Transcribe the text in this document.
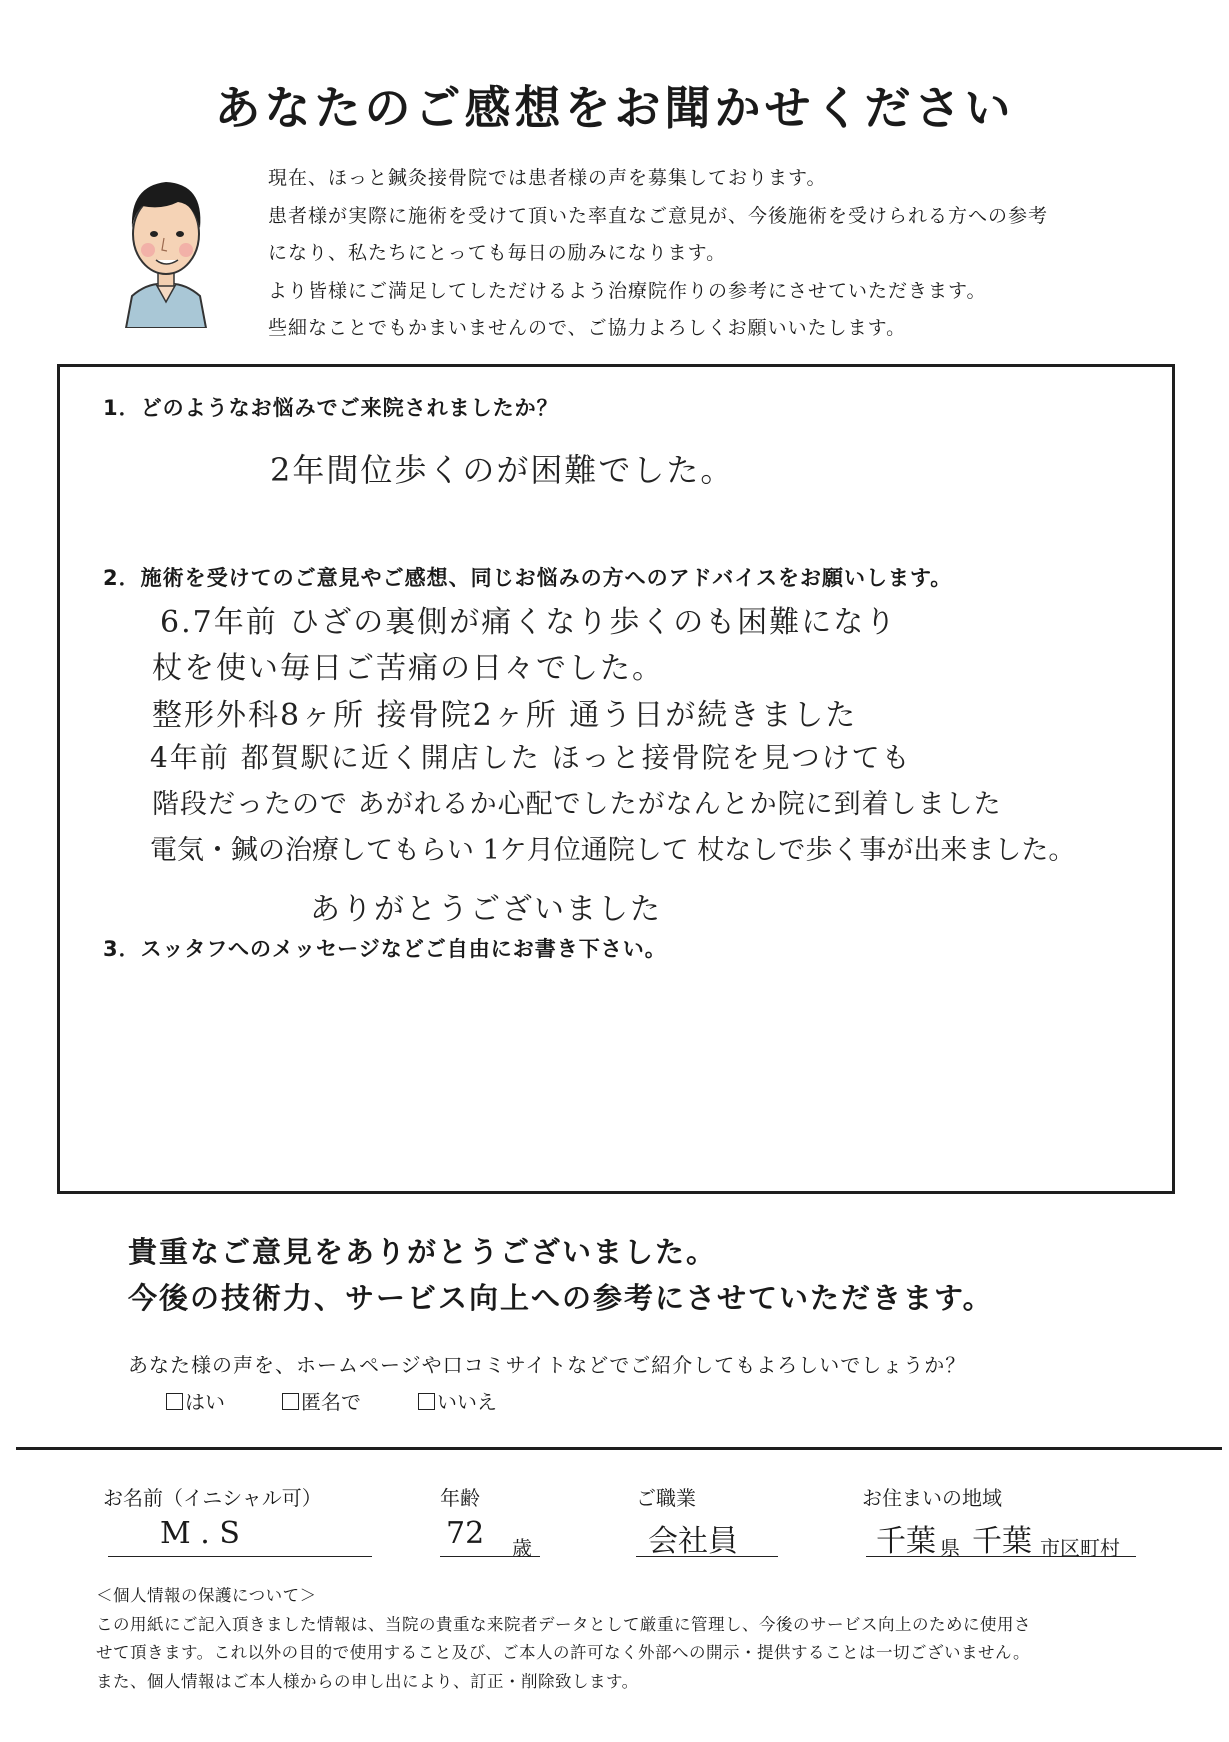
あなたのご感想をお聞かせください
現在、ほっと鍼灸接骨院では患者様の声を募集しております。
患者様が実際に施術を受けて頂いた率直なご意見が、今後施術を受けられる方への参考
になり、私たちにとっても毎日の励みになります。
より皆様にご満足してしただけるよう治療院作りの参考にさせていただきます。
些細なことでもかまいませんので、ご協力よろしくお願いいたします。
1．どのようなお悩みでご来院されましたか？
2年間位歩くのが困難でした。
2．施術を受けてのご意見やご感想、同じお悩みの方へのアドバイスをお願いします。
6.7年前 ひざの裏側が痛くなり歩くのも困難になり
杖を使い毎日ご苦痛の日々でした。
整形外科8ヶ所 接骨院2ヶ所 通う日が続きました
4年前 都賀駅に近く開店した ほっと接骨院を見つけても
階段だったので あがれるか心配でしたがなんとか院に到着しました
電気・鍼の治療してもらい 1ケ月位通院して 杖なしで歩く事が出来ました。
ありがとうございました
3．スッタフへのメッセージなどご自由にお書き下さい。
貴重なご意見をありがとうございました。
今後の技術力、サービス向上への参考にさせていただきます。
あなた様の声を、ホームページや口コミサイトなどでご紹介してもよろしいでしょうか？
はい	匿名で	いいえ
お名前（イニシャル可）
M . S
年齢
72 歳
ご職業
会社員
お住まいの地域
千葉 県 千葉 市区町村
＜個人情報の保護について＞
この用紙にご記入頂きました情報は、当院の貴重な来院者データとして厳重に管理し、今後のサービス向上のために使用さ
せて頂きます。これ以外の目的で使用すること及び、ご本人の許可なく外部への開示・提供することは一切ございません。
また、個人情報はご本人様からの申し出により、訂正・削除致します。
